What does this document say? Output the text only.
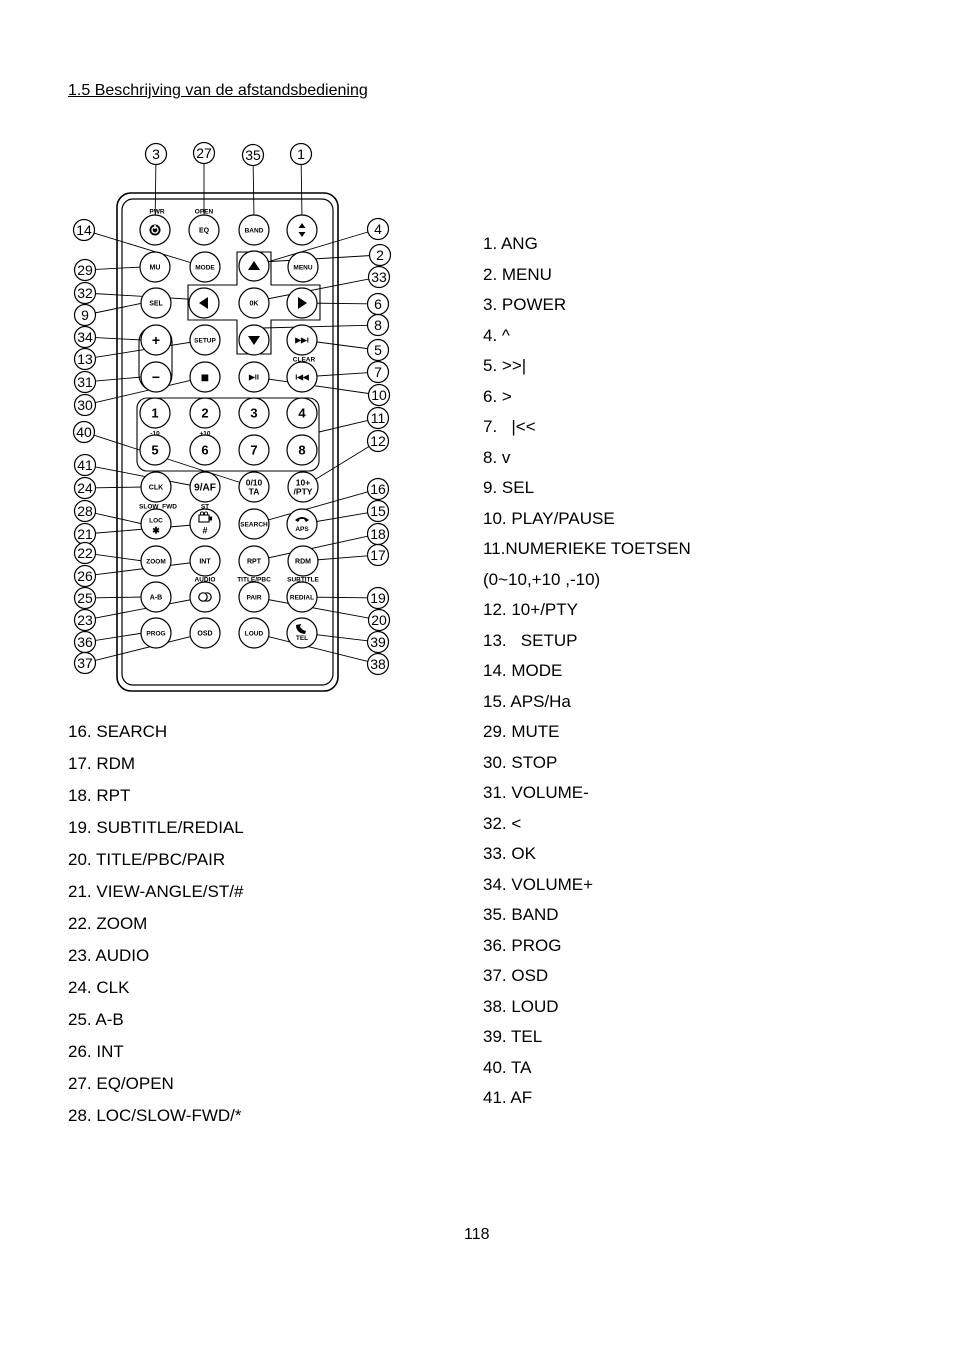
1.5 Beschrijving van de afstandsbediening
EQ	BAND
MU	MODE	MENU
SEL	0K
+	SETUP	▶▶I
−	■	▶II	I◀◀
1	2	3	4
5	6	7	8
CLK	9/AF
0/10
TA
10+
/PTY
LOC
✱	#
SEARCH
APS
ZOOM	INT	RPT	RDM
A-B	PAIR	REDIAL
PROG	OSD	LOUD
TEL
PWR	OPEN
CLEAR
-10	+10
SLOW_FWD	ST
AUDIO	TITLE/PBC	SUBTITLE
3	27 35	1
14
29
32
9
34
13
31
30
40
41
24
28
21
22
26
25
23
36
37
4
2
33
6
8
5
7
10
11
12
16
15
18
17
19
20
39
38
1. ANG
2. MENU
3. POWER
4. ^
5. >>|
6. >
7.   |<<
8. v
9. SEL
10. PLAY/PAUSE
11.NUMERIEKE TOETSEN
(0~10,+10 ,-10)
12. 10+/PTY
13.   SETUP
14. MODE
15. APS/Ha
29. MUTE
30. STOP
31. VOLUME-
32. <
33. OK
34. VOLUME+
35. BAND
36. PROG
37. OSD
38. LOUD
39. TEL
40. TA
41. AF
16. SEARCH
17. RDM
18. RPT
19. SUBTITLE/REDIAL
20. TITLE/PBC/PAIR
21. VIEW-ANGLE/ST/#
22. ZOOM
23. AUDIO
24. CLK
25. A-B
26. INT
27. EQ/OPEN
28. LOC/SLOW-FWD/*
118
